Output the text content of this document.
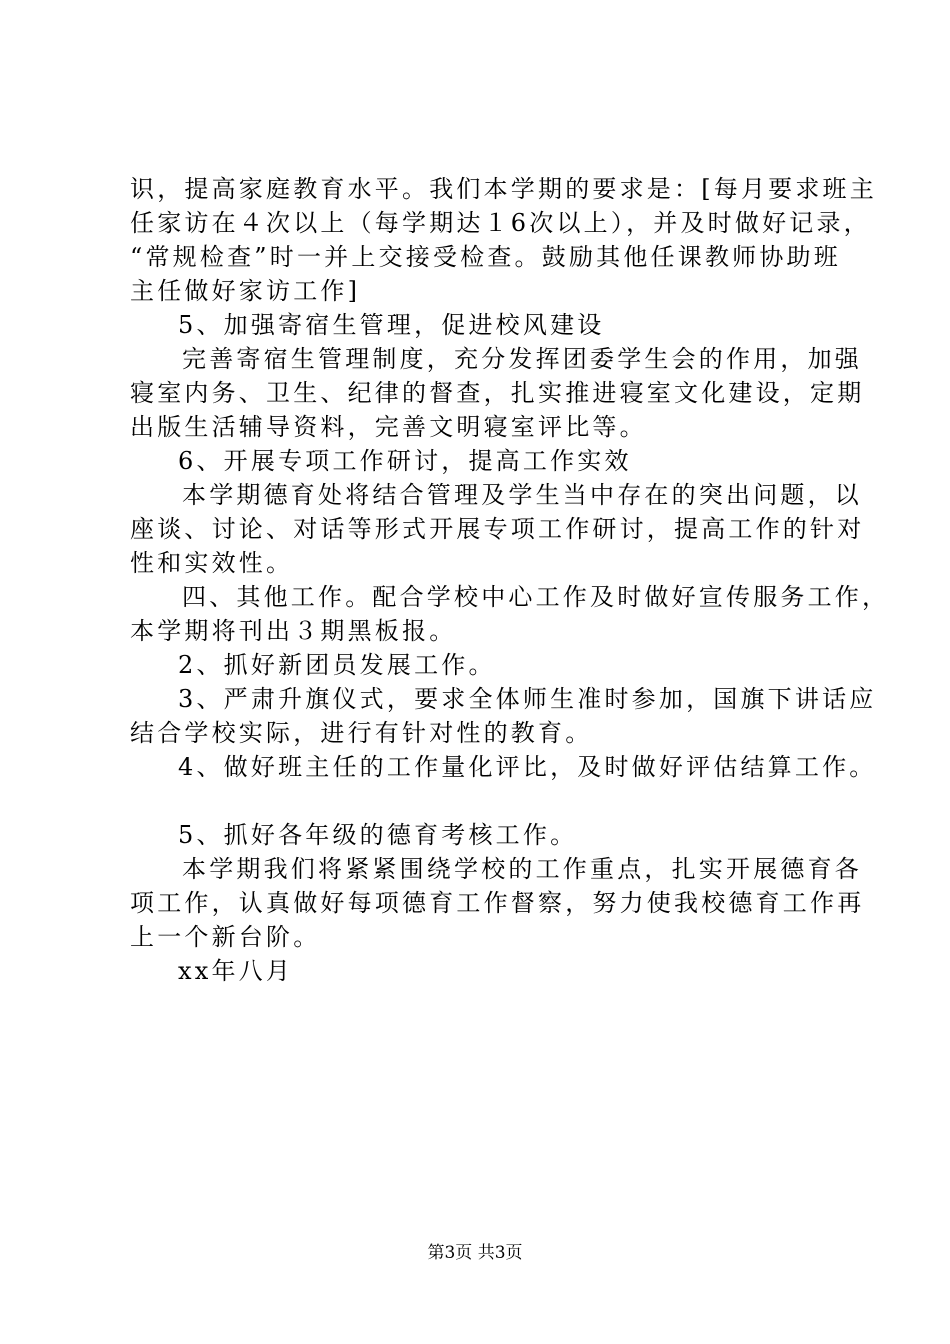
识，提高家庭教育水平。我们本学期的要求是：[每月要求班主
任家访在４次以上（每学期达１6次以上），并及时做好记录，
“常规检查”时一并上交接受检查。鼓励其他任课教师协助班
主任做好家访工作]
5、加强寄宿生管理，促进校风建设
完善寄宿生管理制度，充分发挥团委学生会的作用，加强
寝室内务、卫生、纪律的督查，扎实推进寝室文化建设，定期
出版生活辅导资料，完善文明寝室评比等。
6、开展专项工作研讨，提高工作实效
本学期德育处将结合管理及学生当中存在的突出问题，以
座谈、讨论、对话等形式开展专项工作研讨，提高工作的针对
性和实效性。
四、其他工作。配合学校中心工作及时做好宣传服务工作，
本学期将刊出３期黑板报。
2、抓好新团员发展工作。
3、严肃升旗仪式，要求全体师生准时参加，国旗下讲话应
结合学校实际，进行有针对性的教育。
4、做好班主任的工作量化评比，及时做好评估结算工作。
5、抓好各年级的德育考核工作。
本学期我们将紧紧围绕学校的工作重点，扎实开展德育各
项工作，认真做好每项德育工作督察，努力使我校德育工作再
上一个新台阶。
xx年八月
第3页 共3页
